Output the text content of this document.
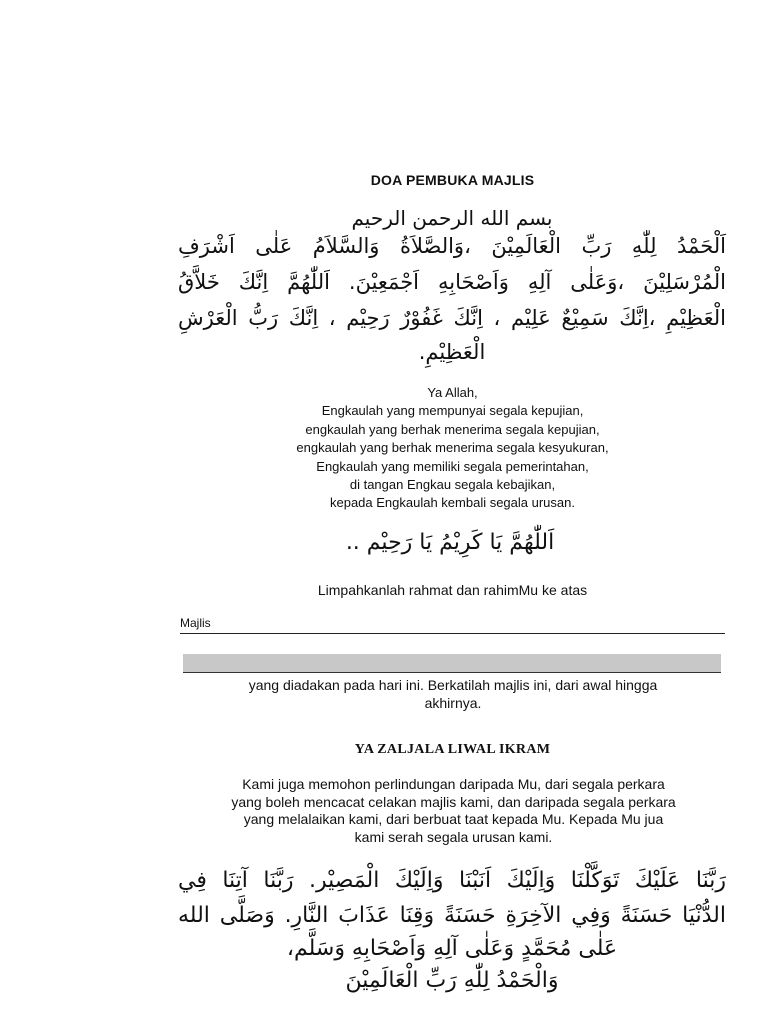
DOA PEMBUKA MAJLIS
بسم الله الرحمن الرحيم
اَلْحَمْدُ لِلّٰهِ رَبِّ الْعَالَمِيْنَ ،وَالصَّلاَةُ وَالسَّلاَمُ عَلٰى اَشْرَفِ
الْمُرْسَلِيْنَ ،وَعَلٰى آلِهِ وَاَصْحَابِهِ اَجْمَعِيْنَ. اَللّٰهُمَّ اِنَّكَ خَلاَّقُ
الْعَظِيْمِ ،اِنَّكَ سَمِيْعٌ عَلِيْم ، اِنَّكَ غَفُوْرٌ رَحِيْم ، اِنَّكَ رَبُّ الْعَرْشِ
الْعَظِيْمِ.
Ya Allah,
Engkaulah yang mempunyai segala kepujian,
engkaulah yang berhak menerima segala kepujian,
engkaulah yang berhak menerima segala kesyukuran,
Engkaulah yang memiliki segala pemerintahan,
di tangan Engkau segala kebajikan,
kepada Engkaulah kembali segala urusan.
اَللّٰهُمَّ يَا كَرِيْمُ يَا رَحِيْم ..
Limpahkanlah rahmat dan rahimMu ke atas
Majlis
yang diadakan pada hari ini. Berkatilah majlis ini, dari awal hingga
akhirnya.
YA ZALJALA LIWAL IKRAM
Kami juga memohon perlindungan daripada Mu, dari segala perkara
yang boleh mencacat celakan majlis kami, dan daripada segala perkara
yang melalaikan kami, dari berbuat taat kepada Mu. Kepada Mu jua
kami serah segala urusan kami.
رَبَّنَا عَلَيْكَ تَوَكَّلْنَا وَاِلَيْكَ اَنَبْنَا وَاِلَيْكَ الْمَصِيْر. رَبَّنَا آتِنَا فِي
الدُّنْيَا حَسَنَةً وَفِي الآخِرَةِ حَسَنَةً وَقِنَا عَذَابَ النَّارِ. وَصَلَّى الله
عَلٰى مُحَمَّدٍ وَعَلٰى آلِهِ وَاَصْحَابِهِ وَسَلَّم،
وَالْحَمْدُ لِلّٰهِ رَبِّ الْعَالَمِيْنَ
